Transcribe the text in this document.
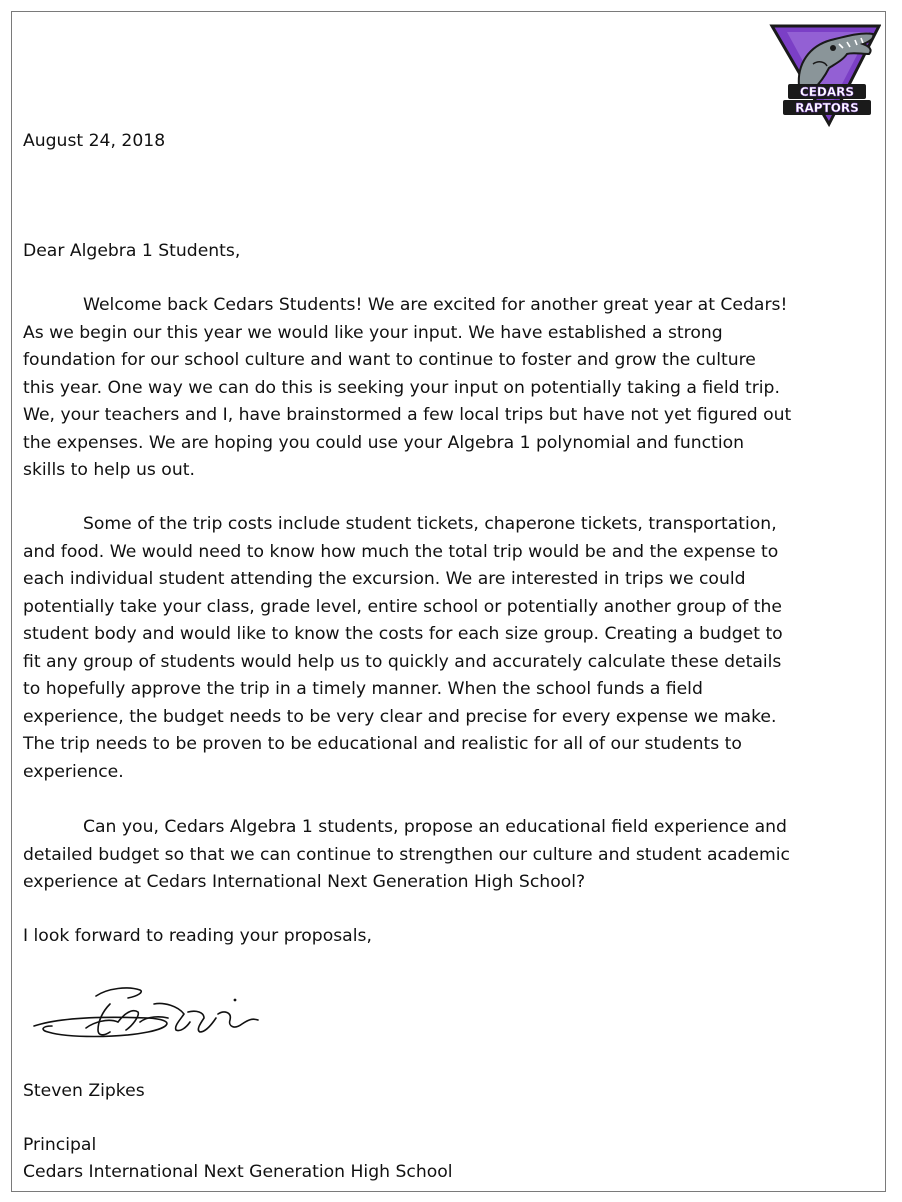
CEDARS
RAPTORS
August 24, 2018
Dear Algebra 1 Students,
Welcome back Cedars Students! We are excited for another great year at Cedars!
As we begin our this year we would like your input. We have established a strong
foundation for our school culture and want to continue to foster and grow the culture
this year. One way we can do this is seeking your input on potentially taking a field trip.
We, your teachers and I, have brainstormed a few local trips but have not yet figured out
the expenses. We are hoping you could use your Algebra 1 polynomial and function
skills to help us out.
Some of the trip costs include student tickets, chaperone tickets, transportation,
and food. We would need to know how much the total trip would be and the expense to
each individual student attending the excursion. We are interested in trips we could
potentially take your class, grade level, entire school or potentially another group of the
student body and would like to know the costs for each size group. Creating a budget to
fit any group of students would help us to quickly and accurately calculate these details
to hopefully approve the trip in a timely manner. When the school funds a field
experience, the budget needs to be very clear and precise for every expense we make.
The trip needs to be proven to be educational and realistic for all of our students to
experience.
Can you, Cedars Algebra 1 students, propose an educational field experience and
detailed budget so that we can continue to strengthen our culture and student academic
experience at Cedars International Next Generation High School?
I look forward to reading your proposals,
Steven Zipkes
Principal
Cedars International Next Generation High School
